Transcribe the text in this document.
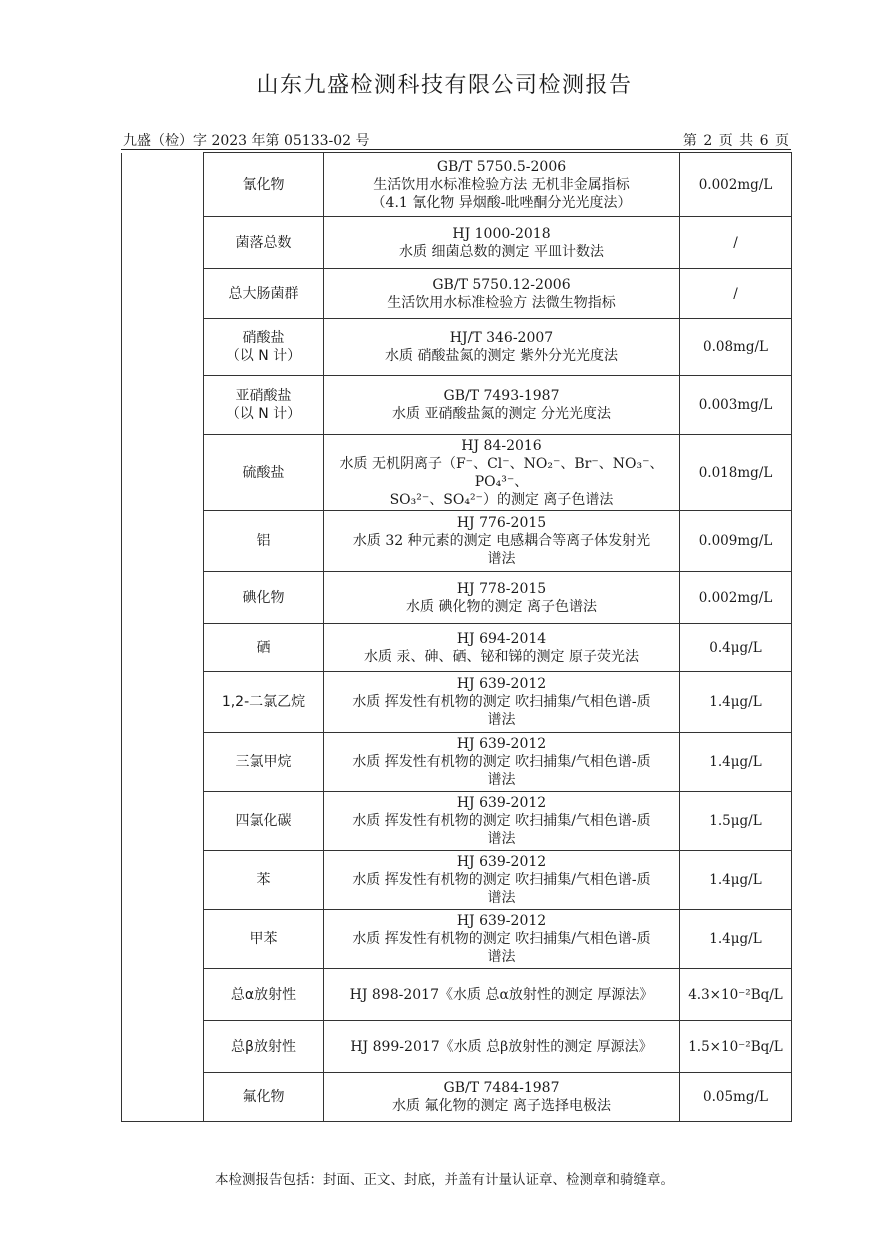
山东九盛检测科技有限公司检测报告
九盛（检）字 2023 年第 05133-02 号	第 2 页 共 6 页

	氰化物	GB/T 5750.5-2006
生活饮用水标准检验方法 无机非金属指标
（4.1 氰化物 异烟酸-吡唑酮分光光度法）	0.002mg/L

	菌落总数	HJ 1000-2018
水质 细菌总数的测定 平皿计数法	/

	总大肠菌群	GB/T 5750.12-2006
生活饮用水标准检验方 法微生物指标	/

	硝酸盐
（以 N 计）	HJ/T 346-2007
水质 硝酸盐氮的测定 紫外分光光度法	0.08mg/L

	亚硝酸盐
（以 N 计）	GB/T 7493-1987
水质 亚硝酸盐氮的测定 分光光度法	0.003mg/L

	硫酸盐	HJ 84-2016
水质 无机阴离子（F⁻、Cl⁻、NO₂⁻、Br⁻、NO₃⁻、PO₄³⁻、
SO₃²⁻、SO₄²⁻）的测定 离子色谱法	0.018mg/L

	铝	HJ 776-2015
水质 32 种元素的测定 电感耦合等离子体发射光
谱法	0.009mg/L

	碘化物	HJ 778-2015
水质 碘化物的测定 离子色谱法	0.002mg/L

	硒	HJ 694-2014
水质 汞、砷、硒、铋和锑的测定 原子荧光法	0.4μg/L

	1,2-二氯乙烷	HJ 639-2012
水质 挥发性有机物的测定 吹扫捕集/气相色谱-质
谱法	1.4μg/L

	三氯甲烷	HJ 639-2012
水质 挥发性有机物的测定 吹扫捕集/气相色谱-质
谱法	1.4μg/L

	四氯化碳	HJ 639-2012
水质 挥发性有机物的测定 吹扫捕集/气相色谱-质
谱法	1.5μg/L

	苯	HJ 639-2012
水质 挥发性有机物的测定 吹扫捕集/气相色谱-质
谱法	1.4μg/L

	甲苯	HJ 639-2012
水质 挥发性有机物的测定 吹扫捕集/气相色谱-质
谱法	1.4μg/L

	总α放射性	HJ 898-2017《水质 总α放射性的测定 厚源法》	4.3×10⁻²Bq/L

	总β放射性	HJ 899-2017《水质 总β放射性的测定 厚源法》	1.5×10⁻²Bq/L

	氟化物	GB/T 7484-1987
水质 氟化物的测定 离子选择电极法	0.05mg/L
本检测报告包括：封面、正文、封底，并盖有计量认证章、检测章和骑缝章。
